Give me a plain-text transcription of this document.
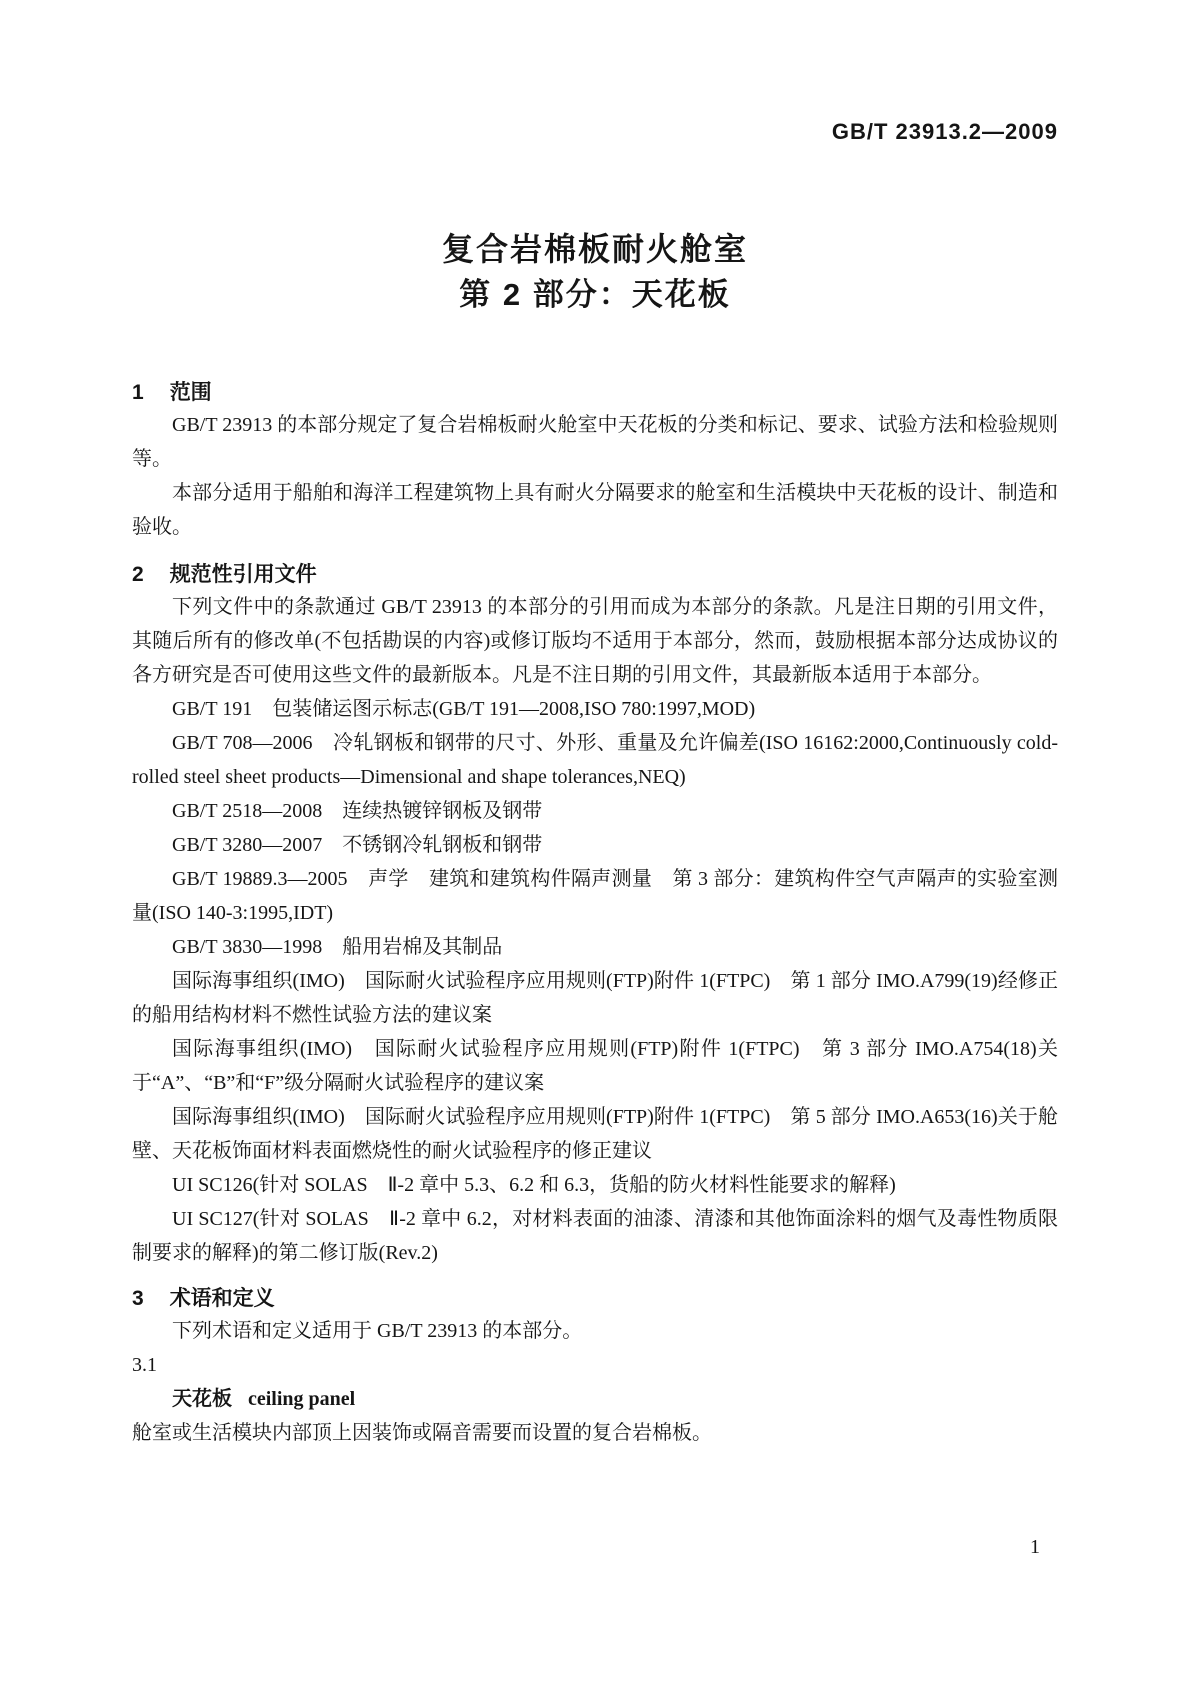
GB/T 23913.2—2009
复合岩棉板耐火舱室
第 2 部分：天花板
1 范围

GB/T 23913 的本部分规定了复合岩棉板耐火舱室中天花板的分类和标记、要求、试验方法和检验规则等。

本部分适用于船舶和海洋工程建筑物上具有耐火分隔要求的舱室和生活模块中天花板的设计、制造和验收。

2 规范性引用文件

下列文件中的条款通过 GB/T 23913 的本部分的引用而成为本部分的条款。凡是注日期的引用文件，其随后所有的修改单(不包括勘误的内容)或修订版均不适用于本部分，然而，鼓励根据本部分达成协议的各方研究是否可使用这些文件的最新版本。凡是不注日期的引用文件，其最新版本适用于本部分。

GB/T 191　包装储运图示标志(GB/T 191—2008,ISO 780:1997,MOD)

GB/T 708—2006　冷轧钢板和钢带的尺寸、外形、重量及允许偏差(ISO 16162:2000,Continuously cold-rolled steel sheet products—Dimensional and shape tolerances,NEQ)

GB/T 2518—2008　连续热镀锌钢板及钢带

GB/T 3280—2007　不锈钢冷轧钢板和钢带

GB/T 19889.3—2005　声学　建筑和建筑构件隔声测量　第 3 部分：建筑构件空气声隔声的实验室测量(ISO 140-3:1995,IDT)

GB/T 3830—1998　船用岩棉及其制品

国际海事组织(IMO)　国际耐火试验程序应用规则(FTP)附件 1(FTPC)　第 1 部分 IMO.A799(19)经修正的船用结构材料不燃性试验方法的建议案

国际海事组织(IMO)　国际耐火试验程序应用规则(FTP)附件 1(FTPC)　第 3 部分 IMO.A754(18)关于“A”、“B”和“F”级分隔耐火试验程序的建议案

国际海事组织(IMO)　国际耐火试验程序应用规则(FTP)附件 1(FTPC)　第 5 部分 IMO.A653(16)关于舱壁、天花板饰面材料表面燃烧性的耐火试验程序的修正建议

UI SC126(针对 SOLAS　Ⅱ-2 章中 5.3、6.2 和 6.3，货船的防火材料性能要求的解释)

UI SC127(针对 SOLAS　Ⅱ-2 章中 6.2，对材料表面的油漆、清漆和其他饰面涂料的烟气及毒性物质限制要求的解释)的第二修订版(Rev.2)

3 术语和定义

下列术语和定义适用于 GB/T 23913 的本部分。

3.1

天花板 ceiling panel

舱室或生活模块内部顶上因装饰或隔音需要而设置的复合岩棉板。

1
